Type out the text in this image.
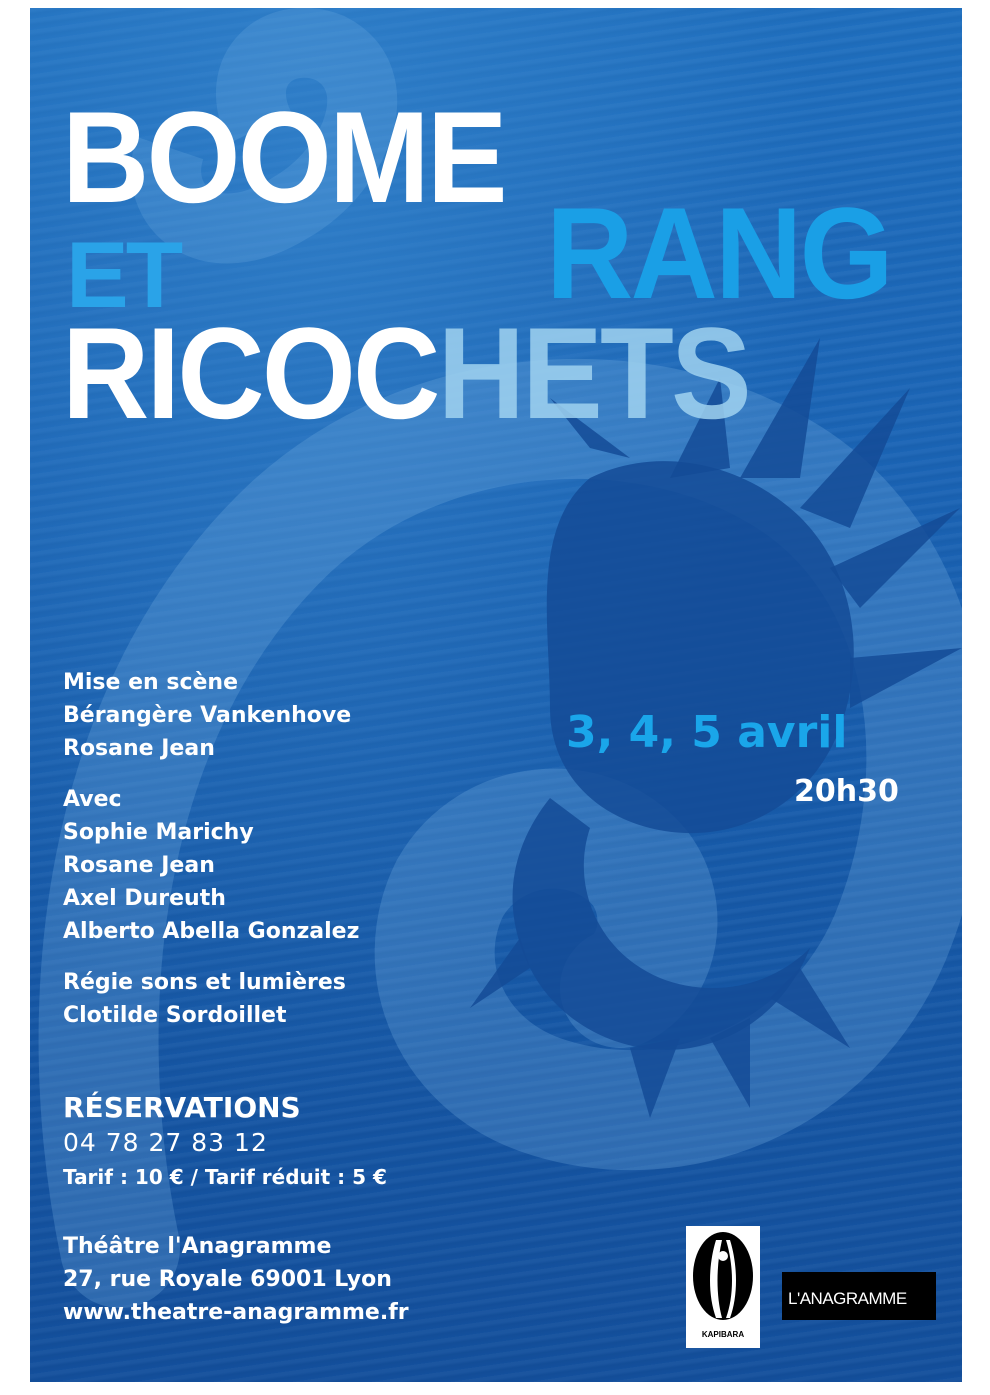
BOOME
RANG
ET
RICOCHETS
Mise en scène
Bérangère Vankenhove
Rosane Jean
Avec
Sophie Marichy
Rosane Jean
Axel Dureuth
Alberto Abella Gonzalez
Régie sons et lumières
Clotilde Sordoillet
RÉSERVATIONS
04 78 27 83 12
Tarif : 10 € / Tarif réduit : 5 €
Théâtre l'Anagramme
27, rue Royale 69001 Lyon
www.theatre-anagramme.fr
3, 4, 5 avril
20h30
KAPIBARA
L'ANAGRAMME
